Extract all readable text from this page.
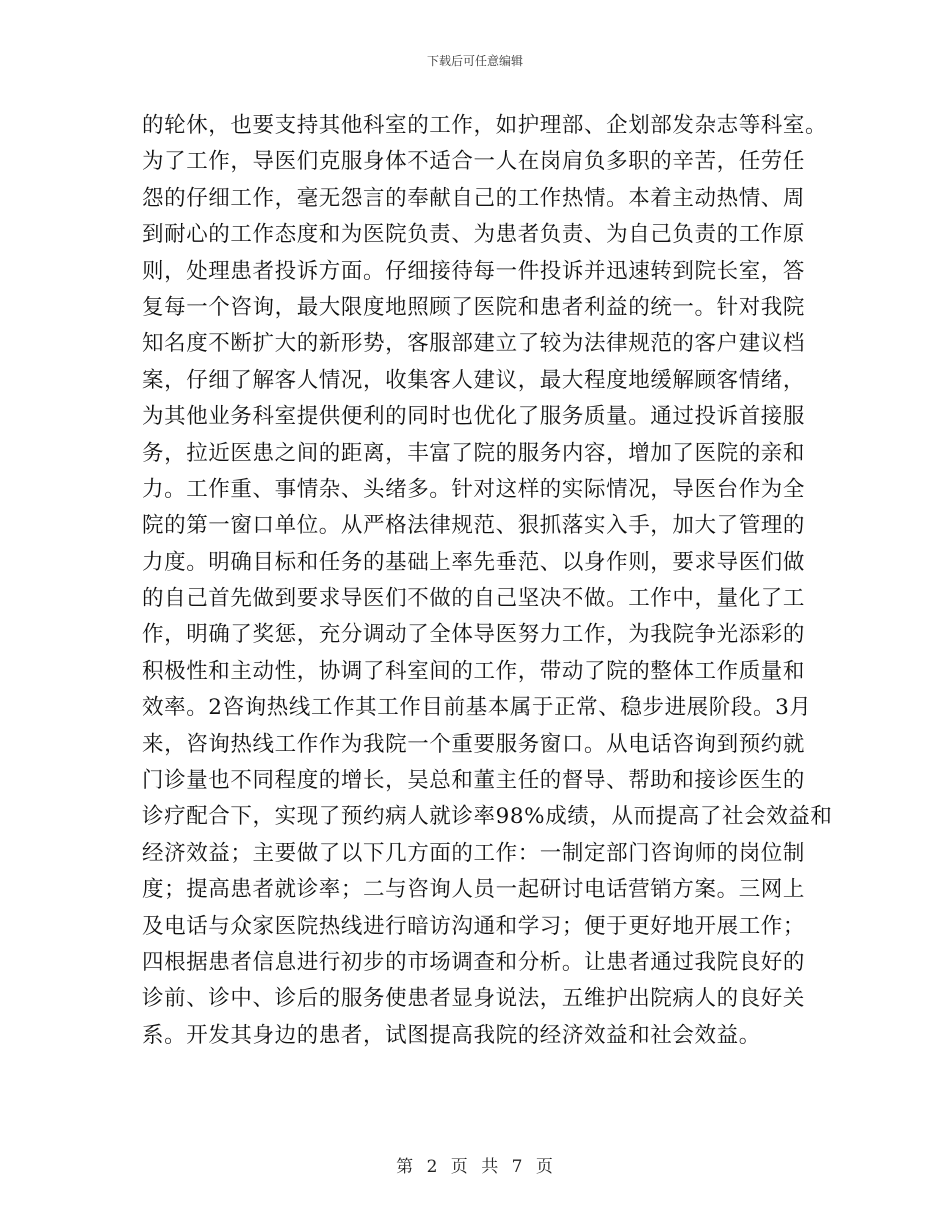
下载后可任意编辑
的轮休，也要支持其他科室的工作，如护理部、企划部发杂志等科室。
为了工作，导医们克服身体不适合一人在岗肩负多职的辛苦，任劳任
怨的仔细工作，毫无怨言的奉献自己的工作热情。本着主动热情、周
到耐心的工作态度和为医院负责、为患者负责、为自己负责的工作原
则，处理患者投诉方面。仔细接待每一件投诉并迅速转到院长室，答
复每一个咨询，最大限度地照顾了医院和患者利益的统一。针对我院
知名度不断扩大的新形势，客服部建立了较为法律规范的客户建议档
案，仔细了解客人情况，收集客人建议，最大程度地缓解顾客情绪，
为其他业务科室提供便利的同时也优化了服务质量。通过投诉首接服
务，拉近医患之间的距离，丰富了院的服务内容，增加了医院的亲和
力。工作重、事情杂、头绪多。针对这样的实际情况，导医台作为全
院的第一窗口单位。从严格法律规范、狠抓落实入手，加大了管理的
力度。明确目标和任务的基础上率先垂范、以身作则，要求导医们做
的自己首先做到要求导医们不做的自己坚决不做。工作中，量化了工
作，明确了奖惩，充分调动了全体导医努力工作，为我院争光添彩的
积极性和主动性，协调了科室间的工作，带动了院的整体工作质量和
效率。2咨询热线工作其工作目前基本属于正常、稳步进展阶段。3月
来，咨询热线工作作为我院一个重要服务窗口。从电话咨询到预约就
门诊量也不同程度的增长，吴总和董主任的督导、帮助和接诊医生的
诊疗配合下，实现了预约病人就诊率98%成绩，从而提高了社会效益和
经济效益；主要做了以下几方面的工作：一制定部门咨询师的岗位制
度；提高患者就诊率；二与咨询人员一起研讨电话营销方案。三网上
及电话与众家医院热线进行暗访沟通和学习；便于更好地开展工作；
四根据患者信息进行初步的市场调查和分析。让患者通过我院良好的
诊前、诊中、诊后的服务使患者显身说法，五维护出院病人的良好关
系。开发其身边的患者，试图提高我院的经济效益和社会效益。
第 2 页 共 7 页
